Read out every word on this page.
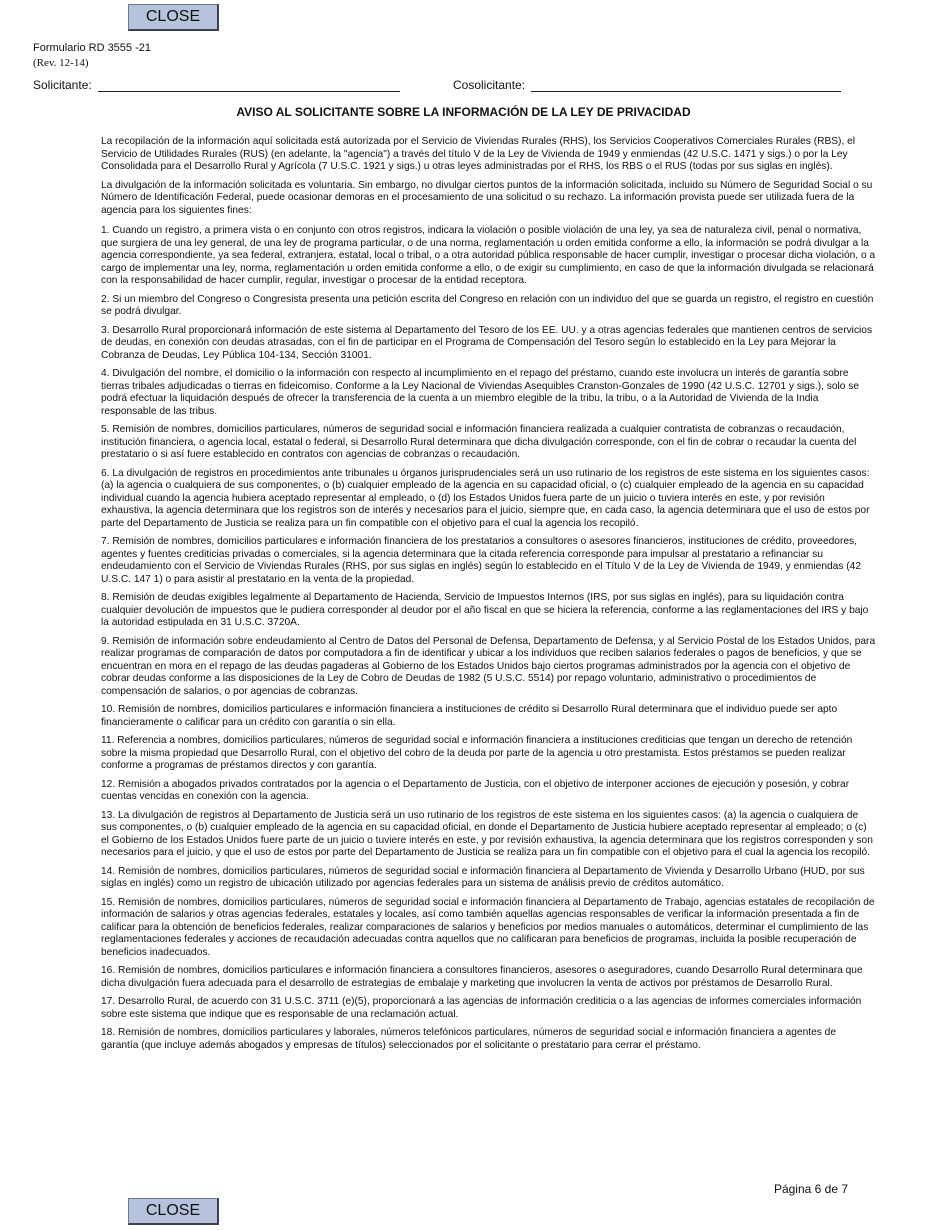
CLOSE
Formulario RD 3555 -21
(Rev. 12-14)
Solicitante:	Cosolicitante:
AVISO AL SOLICITANTE SOBRE LA INFORMACIÓN DE LA LEY DE PRIVACIDAD

La recopilación de la información aquí solicitada está autorizada por el Servicio de Viviendas Rurales (RHS), los Servicios Cooperativos Comerciales Rurales (RBS), el Servicio de Utilidades Rurales (RUS) (en adelante, la "agencia") a través del título V de la Ley de Vivienda de 1949 y enmiendas (42 U.S.C. 1471 y sigs.) o por la Ley Consolidada para el Desarrollo Rural y Agrícola (7 U.S.C. 1921 y sigs.) u otras leyes administradas por el RHS, los RBS o el RUS (todas por sus siglas en inglés).

La divulgación de la información solicitada es voluntaria. Sin embargo, no divulgar ciertos puntos de la información solicitada, incluido su Número de Seguridad Social o su Número de Identificación Federal, puede ocasionar demoras en el procesamiento de una solicitud o su rechazo. La información provista puede ser utilizada fuera de la agencia para los siguientes fines:

1. Cuando un registro, a primera vista o en conjunto con otros registros, indicara la violación o posible violación de una ley, ya sea de naturaleza civil, penal o normativa, que surgiera de una ley general, de una ley de programa particular, o de una norma, reglamentación u orden emitida conforme a ello, la información se podrá divulgar a la agencia correspondiente, ya sea federal, extranjera, estatal, local o tribal, o a otra autoridad pública responsable de hacer cumplir, investigar o procesar dicha violación, o a cargo de implementar una ley, norma, reglamentación u orden emitida conforme a ello, o de exigir su cumplimiento, en caso de que la información divulgada se relacionará con la responsabilidad de hacer cumplir, regular, investigar o procesar de la entidad receptora.

2. Si un miembro del Congreso o Congresista presenta una petición escrita del Congreso en relación con un individuo del que se guarda un registro, el registro en cuestión se podrá divulgar.

3. Desarrollo Rural proporcionará información de este sistema al Departamento del Tesoro de los EE. UU. y a otras agencias federales que mantienen centros de servicios de deudas, en conexión con deudas atrasadas, con el fin de participar en el Programa de Compensación del Tesoro según lo establecido en la Ley para Mejorar la Cobranza de Deudas, Ley Pública 104-134, Sección 31001.

4. Divulgación del nombre, el domicilio o la información con respecto al incumplimiento en el repago del préstamo, cuando este involucra un interés de garantía sobre tierras tribales adjudicadas o tierras en fideicomiso. Conforme a la Ley Nacional de Viviendas Asequibles Cranston-Gonzales de 1990 (42 U.S.C. 12701 y sigs.), solo se podrá efectuar la liquidación después de ofrecer la transferencia de la cuenta a un miembro elegible de la tribu, la tribu, o a la Autoridad de Vivienda de la India responsable de las tribus.

5. Remisión de nombres, domicilios particulares, números de seguridad social e información financiera realizada a cualquier contratista de cobranzas o recaudación, institución financiera, o agencia local, estatal o federal, si Desarrollo Rural determinara que dicha divulgación corresponde, con el fin de cobrar o recaudar la cuenta del prestatario o si así fuere establecido en contratos con agencias de cobranzas o recaudación.

6. La divulgación de registros en procedimientos ante tribunales u órganos jurisprudenciales será un uso rutinario de los registros de este sistema en los siguientes casos: (a) la agencia o cualquiera de sus componentes, o (b) cualquier empleado de la agencia en su capacidad oficial, o (c) cualquier empleado de la agencia en su capacidad individual cuando la agencia hubiera aceptado representar al empleado, o (d) los Estados Unidos fuera parte de un juicio o tuviera interés en este, y por revisión exhaustiva, la agencia determinara que los registros son de interés y necesarios para el juicio, siempre que, en cada caso, la agencia determinara que el uso de estos por parte del Departamento de Justicia se realiza para un fin compatible con el objetivo para el cual la agencia los recopiló.

7. Remisión de nombres, domicilios particulares e información financiera de los prestatarios a consultores o asesores financieros, instituciones de crédito, proveedores, agentes y fuentes crediticias privadas o comerciales, si la agencia determinara que la citada referencia corresponde para impulsar al prestatario a refinanciar su endeudamiento con el Servicio de Viviendas Rurales (RHS, por sus siglas en inglés) según lo establecido en el Título V de la Ley de Vivienda de 1949, y enmiendas (42 U.S.C. 147 1) o para asistir al prestatario en la venta de la propiedad.

8. Remisión de deudas exigibles legalmente al Departamento de Hacienda, Servicio de Impuestos Internos (IRS, por sus siglas en inglés), para su liquidación contra cualquier devolución de impuestos que le pudiera corresponder al deudor por el año fiscal en que se hiciera la referencia, conforme a las reglamentaciones del IRS y bajo la autoridad estipulada en 31 U.S.C. 3720A.

9. Remisión de información sobre endeudamiento al Centro de Datos del Personal de Defensa, Departamento de Defensa, y al Servicio Postal de los Estados Unidos, para realizar programas de comparación de datos por computadora a fin de identificar y ubicar a los individuos que reciben salarios federales o pagos de beneficios, y que se encuentran en mora en el repago de las deudas pagaderas al Gobierno de los Estados Unidos bajo ciertos programas administrados por la agencia con el objetivo de cobrar deudas conforme a las disposiciones de la Ley de Cobro de Deudas de 1982 (5 U.S.C. 5514) por repago voluntario, administrativo o procedimientos de compensación de salarios, o por agencias de cobranzas.

10. Remisión de nombres, domicilios particulares e información financiera a instituciones de crédito si Desarrollo Rural determinara que el individuo puede ser apto financieramente o calificar para un crédito con garantía o sin ella.

11. Referencia a nombres, domicilios particulares, números de seguridad social e información financiera a instituciones crediticias que tengan un derecho de retención sobre la misma propiedad que Desarrollo Rural, con el objetivo del cobro de la deuda por parte de la agencia u otro prestamista. Estos préstamos se pueden realizar conforme a programas de préstamos directos y con garantía.

12. Remisión a abogados privados contratados por la agencia o el Departamento de Justicia, con el objetivo de interponer acciones de ejecución y posesión, y cobrar cuentas vencidas en conexión con la agencia.

13. La divulgación de registros al Departamento de Justicia será un uso rutinario de los registros de este sistema en los siguientes casos: (a) la agencia o cualquiera de sus componentes, o (b) cualquier empleado de la agencia en su capacidad oficial, en donde el Departamento de Justicia hubiere aceptado representar al empleado; o (c) el Gobierno de los Estados Unidos fuere parte de un juicio o tuviere interés en este, y por revisión exhaustiva, la agencia determinara que los registros corresponden y son necesarios para el juicio, y que el uso de estos por parte del Departamento de Justicia se realiza para un fin compatible con el objetivo para el cual la agencia los recopiló.

14. Remisión de nombres, domicilios particulares, números de seguridad social e información financiera al Departamento de Vivienda y Desarrollo Urbano (HUD, por sus siglas en inglés) como un registro de ubicación utilizado por agencias federales para un sistema de análisis previo de créditos automático.

15. Remisión de nombres, domicilios particulares, números de seguridad social e información financiera al Departamento de Trabajo, agencias estatales de recopilación de información de salarios y otras agencias federales, estatales y locales, así como también aquellas agencias responsables de verificar la información presentada a fin de calificar para la obtención de beneficios federales, realizar comparaciones de salarios y beneficios por medios manuales o automáticos, determinar el cumplimiento de las reglamentaciones federales y acciones de recaudación adecuadas contra aquellos que no calificaran para beneficios de programas, incluida la posible recuperación de beneficios inadecuados.

16. Remisión de nombres, domicilios particulares e información financiera a consultores financieros, asesores o aseguradores, cuando Desarrollo Rural determinara que dicha divulgación fuera adecuada para el desarrollo de estrategias de embalaje y marketing que involucren la venta de activos por préstamos de Desarrollo Rural.

17. Desarrollo Rural, de acuerdo con 31 U.S.C. 3711 (e)(5), proporcionará a las agencias de información crediticia o a las agencias de informes comerciales información sobre este sistema que indique que es responsable de una reclamación actual.

18. Remisión de nombres, domicilios particulares y laborales, números telefónicos particulares, números de seguridad social e información financiera a agentes de garantía (que incluye además abogados y empresas de títulos) seleccionados por el solicitante o prestatario para cerrar el préstamo.

Página 6 de 7
CLOSE
